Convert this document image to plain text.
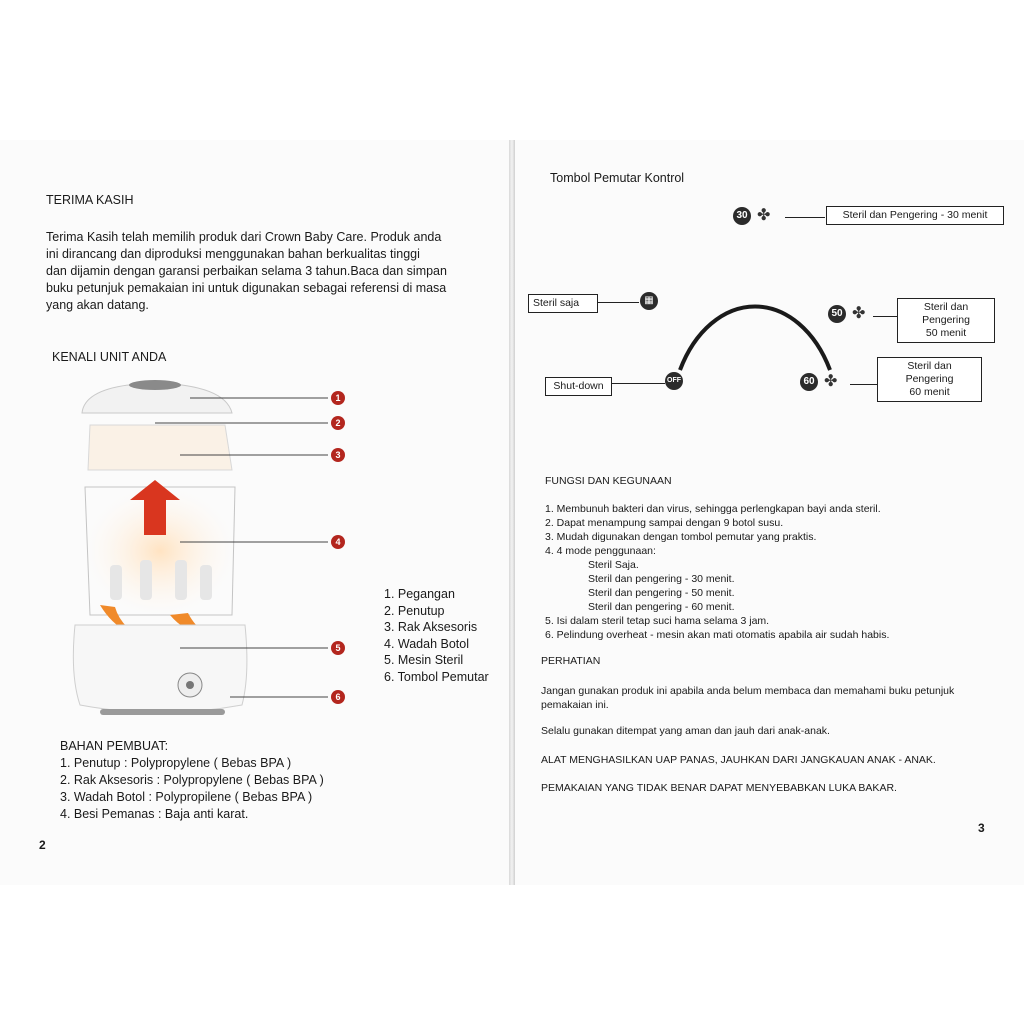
TERIMA KASIH
Terima Kasih telah memilih produk dari Crown Baby Care. Produk anda
ini dirancang dan diproduksi menggunakan bahan berkualitas tinggi
dan dijamin dengan garansi perbaikan selama 3 tahun.Baca dan simpan
buku petunjuk pemakaian ini untuk digunakan sebagai referensi di masa
yang akan datang.
KENALI UNIT ANDA
1
2
3
4
5
6
1. Pegangan
2. Penutup
3. Rak Aksesoris
4. Wadah Botol
5. Mesin Steril
6. Tombol Pemutar
BAHAN PEMBUAT:
1. Penutup : Polypropylene ( Bebas BPA )
2. Rak Aksesoris : Polypropylene ( Bebas BPA )
3. Wadah Botol : Polypropilene ( Bebas BPA )
4. Besi Pemanas : Baja anti karat.
2
Tombol Pemutar Kontrol
30 ✤
50 ✤
60 ✤
▦
OFF
Steril dan Pengering - 30 menit
Steril dan
Pengering
50 menit
Steril dan
Pengering
60 menit
Steril saja
Shut-down
FUNGSI DAN KEGUNAAN
1. Membunuh bakteri dan virus, sehingga perlengkapan bayi anda steril.
2. Dapat menampung sampai dengan 9 botol susu.
3. Mudah digunakan dengan tombol pemutar yang praktis.
4. 4 mode penggunaan:
Steril Saja.
Steril dan pengering - 30 menit.
Steril dan pengering - 50 menit.
Steril dan pengering - 60 menit.
5. Isi dalam steril tetap suci hama selama 3 jam.
6. Pelindung overheat - mesin akan mati otomatis apabila air sudah habis.
PERHATIAN
Jangan gunakan produk ini apabila anda belum membaca dan memahami buku petunjuk
pemakaian ini.
Selalu gunakan ditempat yang aman dan jauh dari anak-anak.
ALAT MENGHASILKAN UAP PANAS, JAUHKAN DARI JANGKAUAN ANAK - ANAK.
PEMAKAIAN YANG TIDAK BENAR DAPAT MENYEBABKAN LUKA BAKAR.
3
